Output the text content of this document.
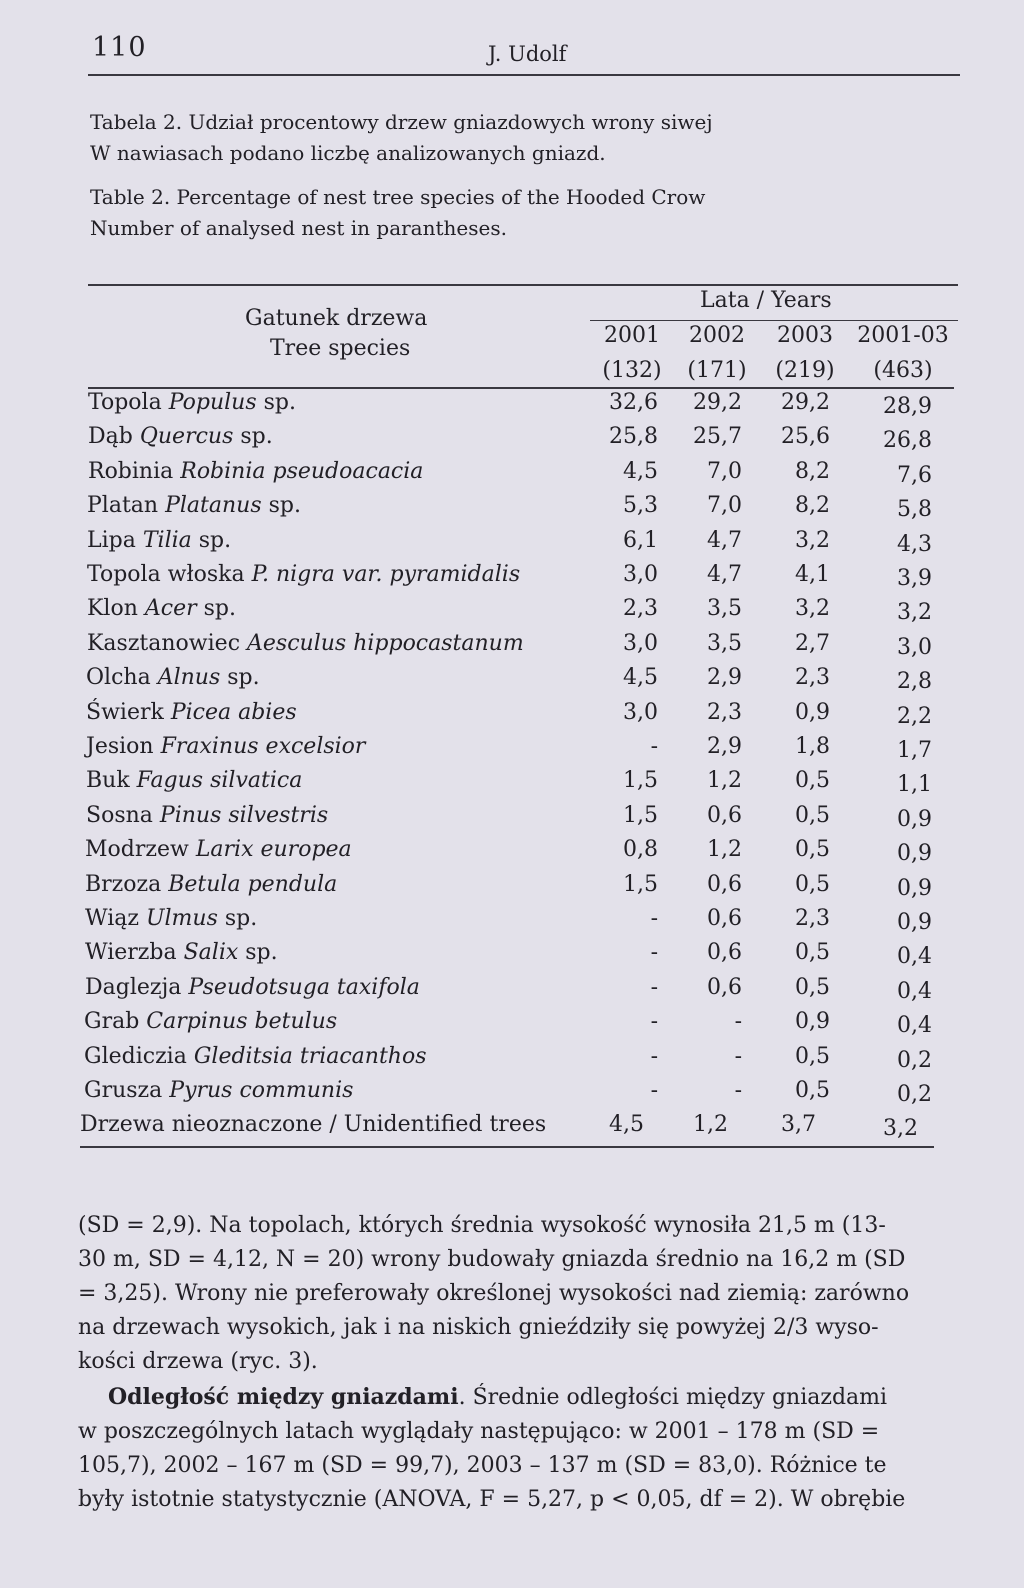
110	J. Udolf
Tabela 2. Udział procentowy drzew gniazdowych wrony siwej
W nawiasach podano liczbę analizowanych gniazd.
Table 2. Percentage of nest tree species of the Hooded Crow
Number of analysed nest in parantheses.
Gatunek drzewa
Tree species
Lata / Years
2001	2002	2003	2001-03
(132)	(171)	(219)	(463)
Topola Populus sp.	32,6	29,2	29,2	28,9
Dąb Quercus sp.	25,8	25,7	25,6	26,8
Robinia Robinia pseudoacacia	4,5	7,0	8,2	7,6
Platan Platanus sp.	5,3	7,0	8,2	5,8
Lipa Tilia sp.	6,1	4,7	3,2	4,3
Topola włoska P. nigra var. pyramidalis	3,0	4,7	4,1	3,9
Klon Acer sp.	2,3	3,5	3,2	3,2
Kasztanowiec Aesculus hippocastanum	3,0	3,5	2,7	3,0
Olcha Alnus sp.	4,5	2,9	2,3	2,8
Świerk Picea abies	3,0	2,3	0,9	2,2
Jesion Fraxinus excelsior	-	2,9	1,8	1,7
Buk Fagus silvatica	1,5	1,2	0,5	1,1
Sosna Pinus silvestris	1,5	0,6	0,5	0,9
Modrzew Larix europea	0,8	1,2	0,5	0,9
Brzoza Betula pendula	1,5	0,6	0,5	0,9
Wiąz Ulmus sp.	-	0,6	2,3	0,9
Wierzba Salix sp.	-	0,6	0,5	0,4
Daglezja Pseudotsuga taxifola	-	0,6	0,5	0,4
Grab Carpinus betulus	-	-	0,9	0,4
Gledіczia Gleditsia triacanthos	-	-	0,5	0,2
Grusza Pyrus communis	-	-	0,5	0,2
Drzewa nieoznaczone / Unidentified trees	4,5	1,2	3,7	3,2
(SD = 2,9). Na topolach, których średnia wysokość wynosiła 21,5 m (13-
30 m, SD = 4,12, N = 20) wrony budowały gniazda średnio na 16,2 m (SD
= 3,25). Wrony nie preferowały określonej wysokości nad ziemią: zarówno
na drzewach wysokich, jak i na niskich gnieździły się powyżej 2/3 wyso-
kości drzewa (ryc. 3).
Odległość między gniazdami. Średnie odległości między gniazdami
w poszczególnych latach wyglądały następująco: w 2001 – 178 m (SD =
105,7), 2002 – 167 m (SD = 99,7), 2003 – 137 m (SD = 83,0). Różnice te
były istotnie statystycznie (ANOVA, F = 5,27, p < 0,05, df = 2). W obrębie
